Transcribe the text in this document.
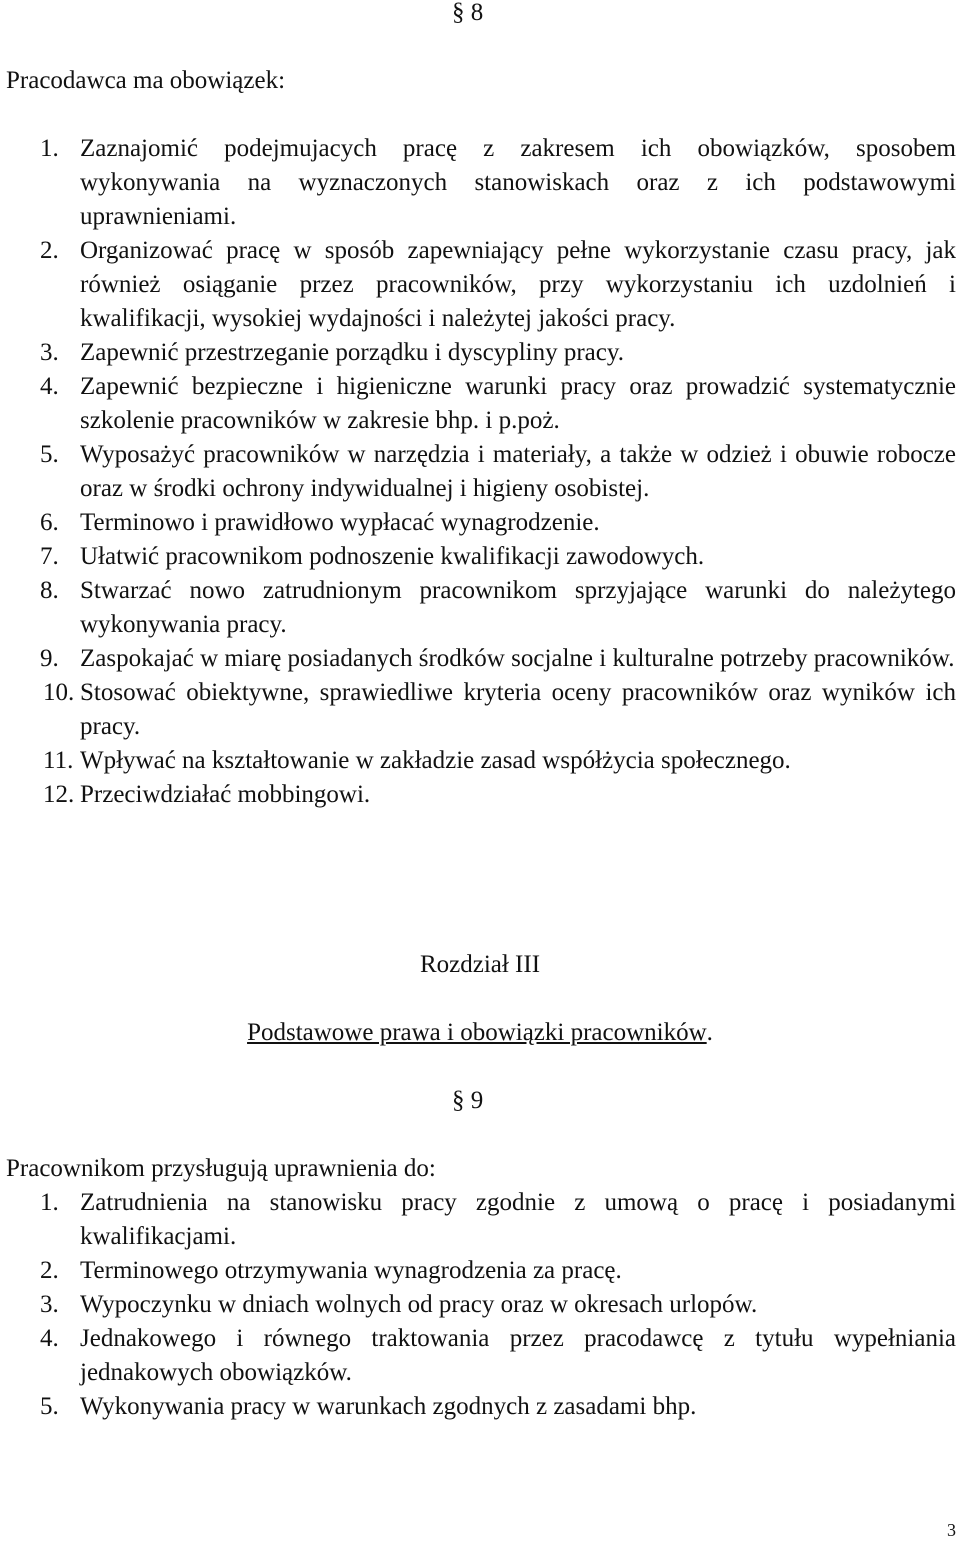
§ 8
Pracodawca ma obowiązek:
1. Zaznajomić podejmujacych pracę z zakresem ich obowiązków, sposobem wykonywania na wyznaczonych stanowiskach oraz z ich podstawowymi uprawnieniami.
2. Organizować pracę w sposób zapewniający pełne wykorzystanie czasu pracy, jak również osiąganie przez pracowników, przy wykorzystaniu ich uzdolnień i kwalifikacji, wysokiej wydajności i należytej jakości pracy.
3. Zapewnić przestrzeganie porządku i dyscypliny pracy.
4. Zapewnić bezpieczne i higieniczne warunki pracy oraz prowadzić systematycznie szkolenie pracowników w zakresie bhp. i p.poż.
5. Wyposażyć pracowników w narzędzia i materiały, a także w odzież i obuwie robocze oraz w środki ochrony indywidualnej i higieny osobistej.
6. Terminowo i prawidłowo wypłacać wynagrodzenie.
7. Ułatwić pracownikom podnoszenie kwalifikacji zawodowych.
8. Stwarzać nowo zatrudnionym pracownikom sprzyjające warunki do należytego wykonywania pracy.
9. Zaspokajać w miarę posiadanych środków socjalne i kulturalne potrzeby pracowników.
10. Stosować obiektywne, sprawiedliwe kryteria oceny pracowników oraz wyników ich pracy.
11. Wpływać na kształtowanie w zakładzie zasad współżycia społecznego.
12. Przeciwdziałać mobbingowi.
Rozdział III
Podstawowe prawa i obowiązki pracowników.
§ 9
Pracownikom przysługują uprawnienia do:
1. Zatrudnienia na stanowisku pracy zgodnie z umową o pracę i posiadanymi kwalifikacjami.
2. Terminowego otrzymywania wynagrodzenia za pracę.
3. Wypoczynku w dniach wolnych od pracy oraz w okresach urlopów.
4. Jednakowego i równego traktowania przez pracodawcę z tytułu wypełniania jednakowych obowiązków.
5. Wykonywania pracy w warunkach zgodnych z zasadami bhp.
3
